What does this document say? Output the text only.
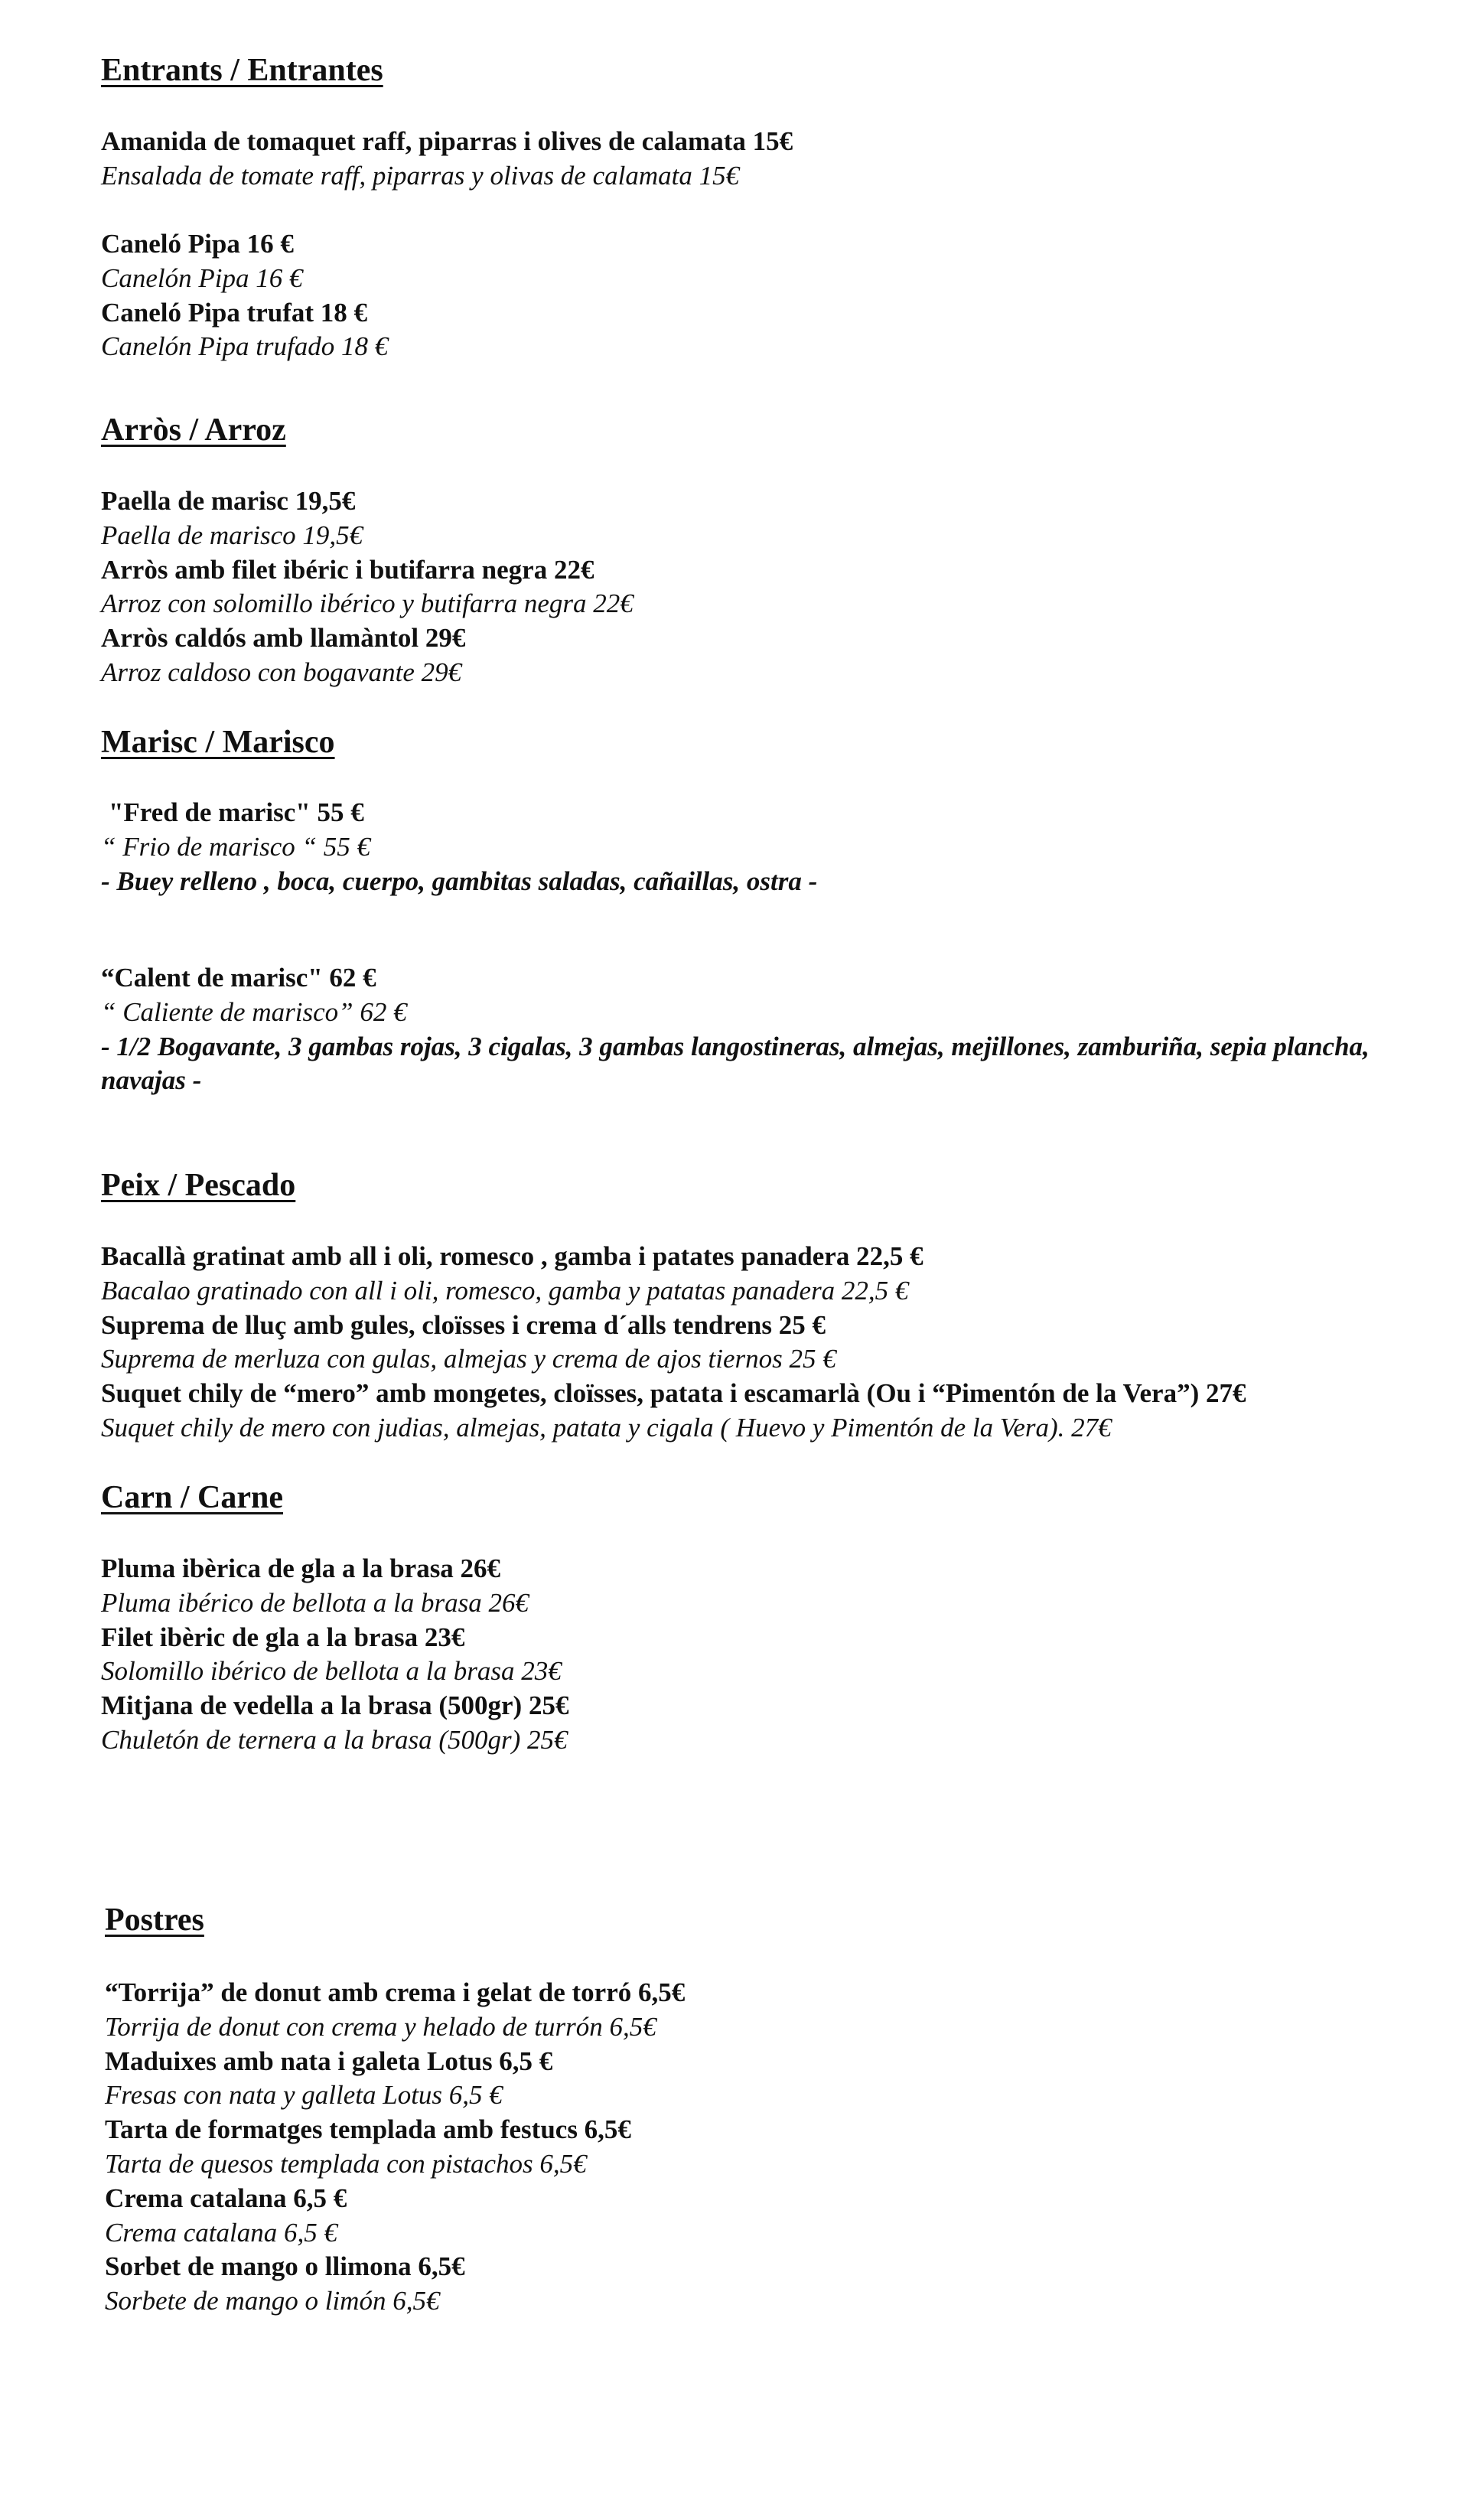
Entrants / Entrantes
Amanida de tomaquet raff, piparras i olives de calamata 15€
Ensalada de tomate raff, piparras y olivas de calamata 15€
Caneló Pipa 16 €
Canelón Pipa 16 €
Caneló Pipa trufat 18 €
Canelón Pipa trufado 18 €
Arròs / Arroz
Paella de marisc 19,5€
Paella de marisco 19,5€
Arròs amb filet ibéric i butifarra negra 22€
Arroz con solomillo ibérico y butifarra negra 22€
Arròs caldós amb llamàntol 29€
Arroz caldoso con bogavante 29€
Marisc / Marisco
"Fred de marisc" 55 €
“ Frio de marisco “ 55 €
- Buey relleno , boca, cuerpo, gambitas saladas, cañaillas, ostra -
“Calent de marisc" 62 €
“ Caliente de marisco” 62 €
- 1/2 Bogavante, 3 gambas rojas, 3 cigalas, 3 gambas langostineras, almejas, mejillones, zamburiña, sepia plancha, navajas -
Peix / Pescado
Bacallà gratinat amb all i oli, romesco , gamba i patates panadera 22,5 €
Bacalao gratinado con all i oli, romesco, gamba y patatas panadera 22,5 €
Suprema de lluç amb gules, cloïsses i crema d´alls tendrens 25 €
Suprema de merluza con gulas, almejas y crema de ajos tiernos 25 €
Suquet chily de “mero” amb mongetes, cloïsses, patata i escamarlà (Ou i “Pimentón de la Vera”) 27€
Suquet chily de mero con judias, almejas, patata y cigala ( Huevo y Pimentón de la Vera). 27€
Carn / Carne
Pluma ibèrica de gla a la brasa 26€
Pluma ibérico de bellota a la brasa 26€
Filet ibèric de gla a la brasa 23€
Solomillo ibérico de bellota a la brasa 23€
Mitjana de vedella a la brasa (500gr) 25€
Chuletón de ternera a la brasa (500gr) 25€
Postres
“Torrija” de donut amb crema i gelat de torró 6,5€
Torrija de donut con crema y helado de turrón 6,5€
Maduixes amb nata i galeta Lotus 6,5 €
Fresas con nata y galleta Lotus 6,5 €
Tarta de formatges templada amb festucs 6,5€
Tarta de quesos templada con pistachos 6,5€
Crema catalana 6,5 €
Crema catalana 6,5 €
Sorbet de mango o llimona 6,5€
Sorbete de mango o limón 6,5€
